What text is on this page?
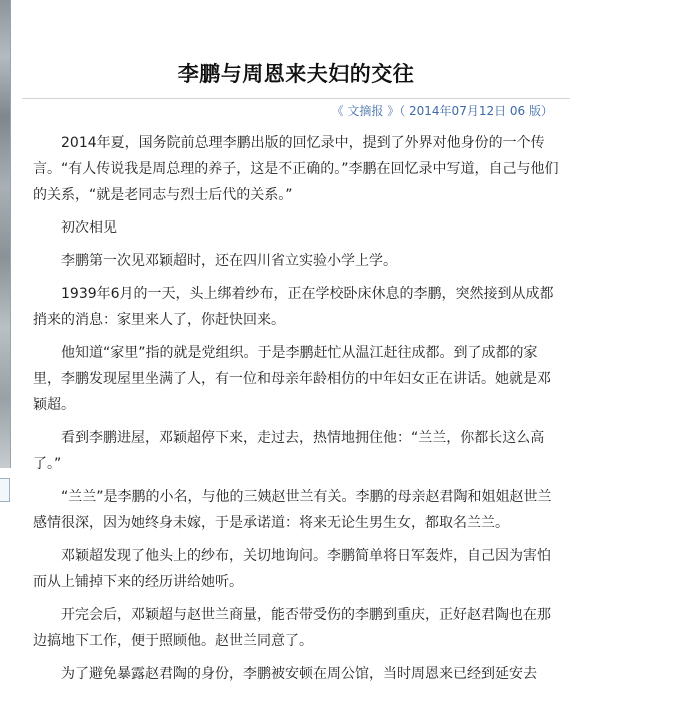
李鹏与周恩来夫妇的交往
《 文摘报 》（ 2014年07月12日 06 版）

2014年夏，国务院前总理李鹏出版的回忆录中，提到了外界对他身份的一个传言。“有人传说我是周总理的养子，这是不正确的。”李鹏在回忆录中写道，自己与他们的关系，“就是老同志与烈士后代的关系。”

初次相见

李鹏第一次见邓颖超时，还在四川省立实验小学上学。

1939年6月的一天，头上绑着纱布，正在学校卧床休息的李鹏，突然接到从成都捎来的消息：家里来人了，你赶快回来。

他知道“家里”指的就是党组织。于是李鹏赶忙从温江赶往成都。到了成都的家里，李鹏发现屋里坐满了人，有一位和母亲年龄相仿的中年妇女正在讲话。她就是邓颖超。

看到李鹏进屋，邓颖超停下来，走过去，热情地拥住他：“兰兰，你都长这么高了。”

“兰兰”是李鹏的小名，与他的三姨赵世兰有关。李鹏的母亲赵君陶和姐姐赵世兰感情很深，因为她终身未嫁，于是承诺道：将来无论生男生女，都取名兰兰。

邓颖超发现了他头上的纱布，关切地询问。李鹏简单将日军轰炸，自己因为害怕而从上铺掉下来的经历讲给她听。

开完会后，邓颖超与赵世兰商量，能否带受伤的李鹏到重庆，正好赵君陶也在那边搞地下工作，便于照顾他。赵世兰同意了。

为了避免暴露赵君陶的身份，李鹏被安顿在周公馆，当时周恩来已经到延安去
